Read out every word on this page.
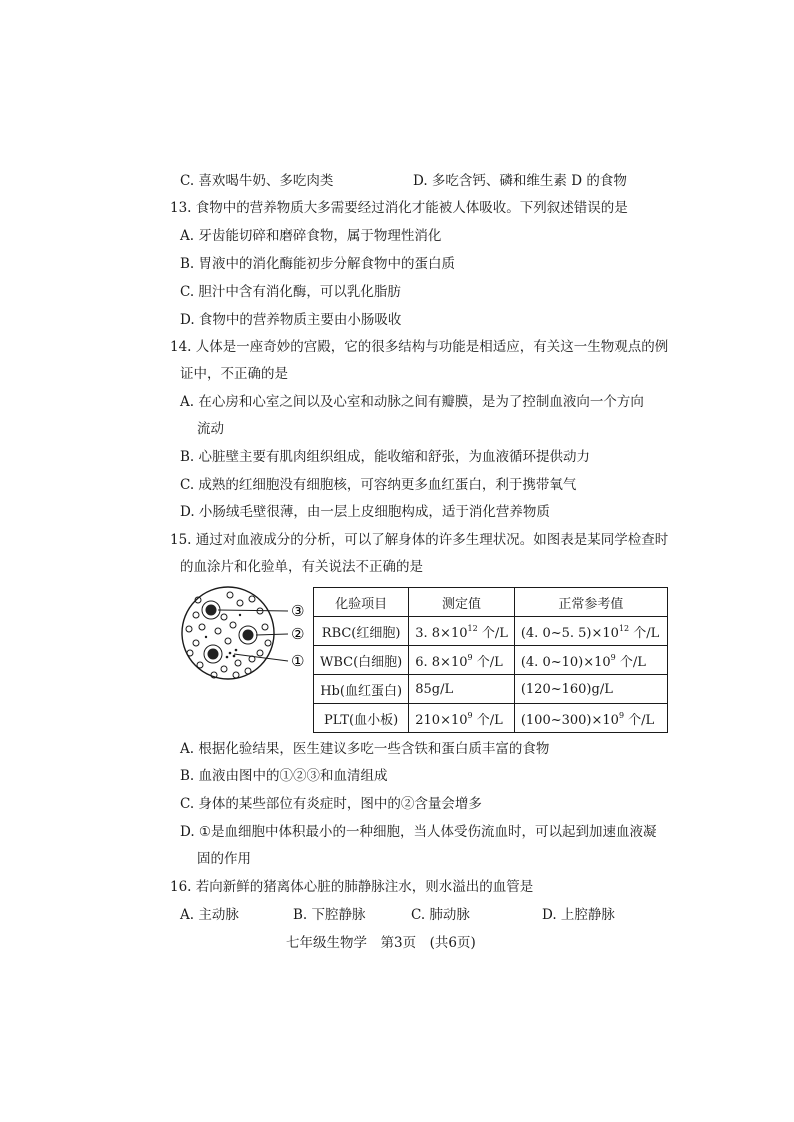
C. 喜欢喝牛奶、多吃肉类	D. 多吃含钙、磷和维生素 D 的食物
13. 食物中的营养物质大多需要经过消化才能被人体吸收。下列叙述错误的是
A. 牙齿能切碎和磨碎食物，属于物理性消化
B. 胃液中的消化酶能初步分解食物中的蛋白质
C. 胆汁中含有消化酶，可以乳化脂肪
D. 食物中的营养物质主要由小肠吸收
14. 人体是一座奇妙的宫殿，它的很多结构与功能是相适应，有关这一生物观点的例
证中，不正确的是
A. 在心房和心室之间以及心室和动脉之间有瓣膜，是为了控制血液向一个方向
流动
B. 心脏壁主要有肌肉组织组成，能收缩和舒张，为血液循环提供动力
C. 成熟的红细胞没有细胞核，可容纳更多血红蛋白，利于携带氧气
D. 小肠绒毛壁很薄，由一层上皮细胞构成，适于消化营养物质
15. 通过对血液成分的分析，可以了解身体的许多生理状况。如图表是某同学检查时
的血涂片和化验单，有关说法不正确的是
③
②
①
化验项目	测定值	正常参考值
RBC(红细胞)	3. $8\times 10^{12}$ 个/L	(4. 0~5. $5)\times 10^{12}$ 个/L
WBC(白细胞)	6. $8\times 10^9$ 个/L	(4. $0\sim 10)\times 10^9$ 个/L
Hb(血红蛋白)	85g/L	(120~160)g/L
PLT(血小板)	$210\times 10^9$ 个/L	$(100\sim 300)\times 10^9$ 个/L
A. 根据化验结果，医生建议多吃一些含铁和蛋白质丰富的食物
B. 血液由图中的①②③和血清组成
C. 身体的某些部位有炎症时，图中的②含量会增多
D. ①是血细胞中体积最小的一种细胞，当人体受伤流血时，可以起到加速血液凝
固的作用
16. 若向新鲜的猪离体心脏的肺静脉注水，则水溢出的血管是
A. 主动脉	B. 下腔静脉	C. 肺动脉	D. 上腔静脉
七年级生物学　第3页　(共6页)
